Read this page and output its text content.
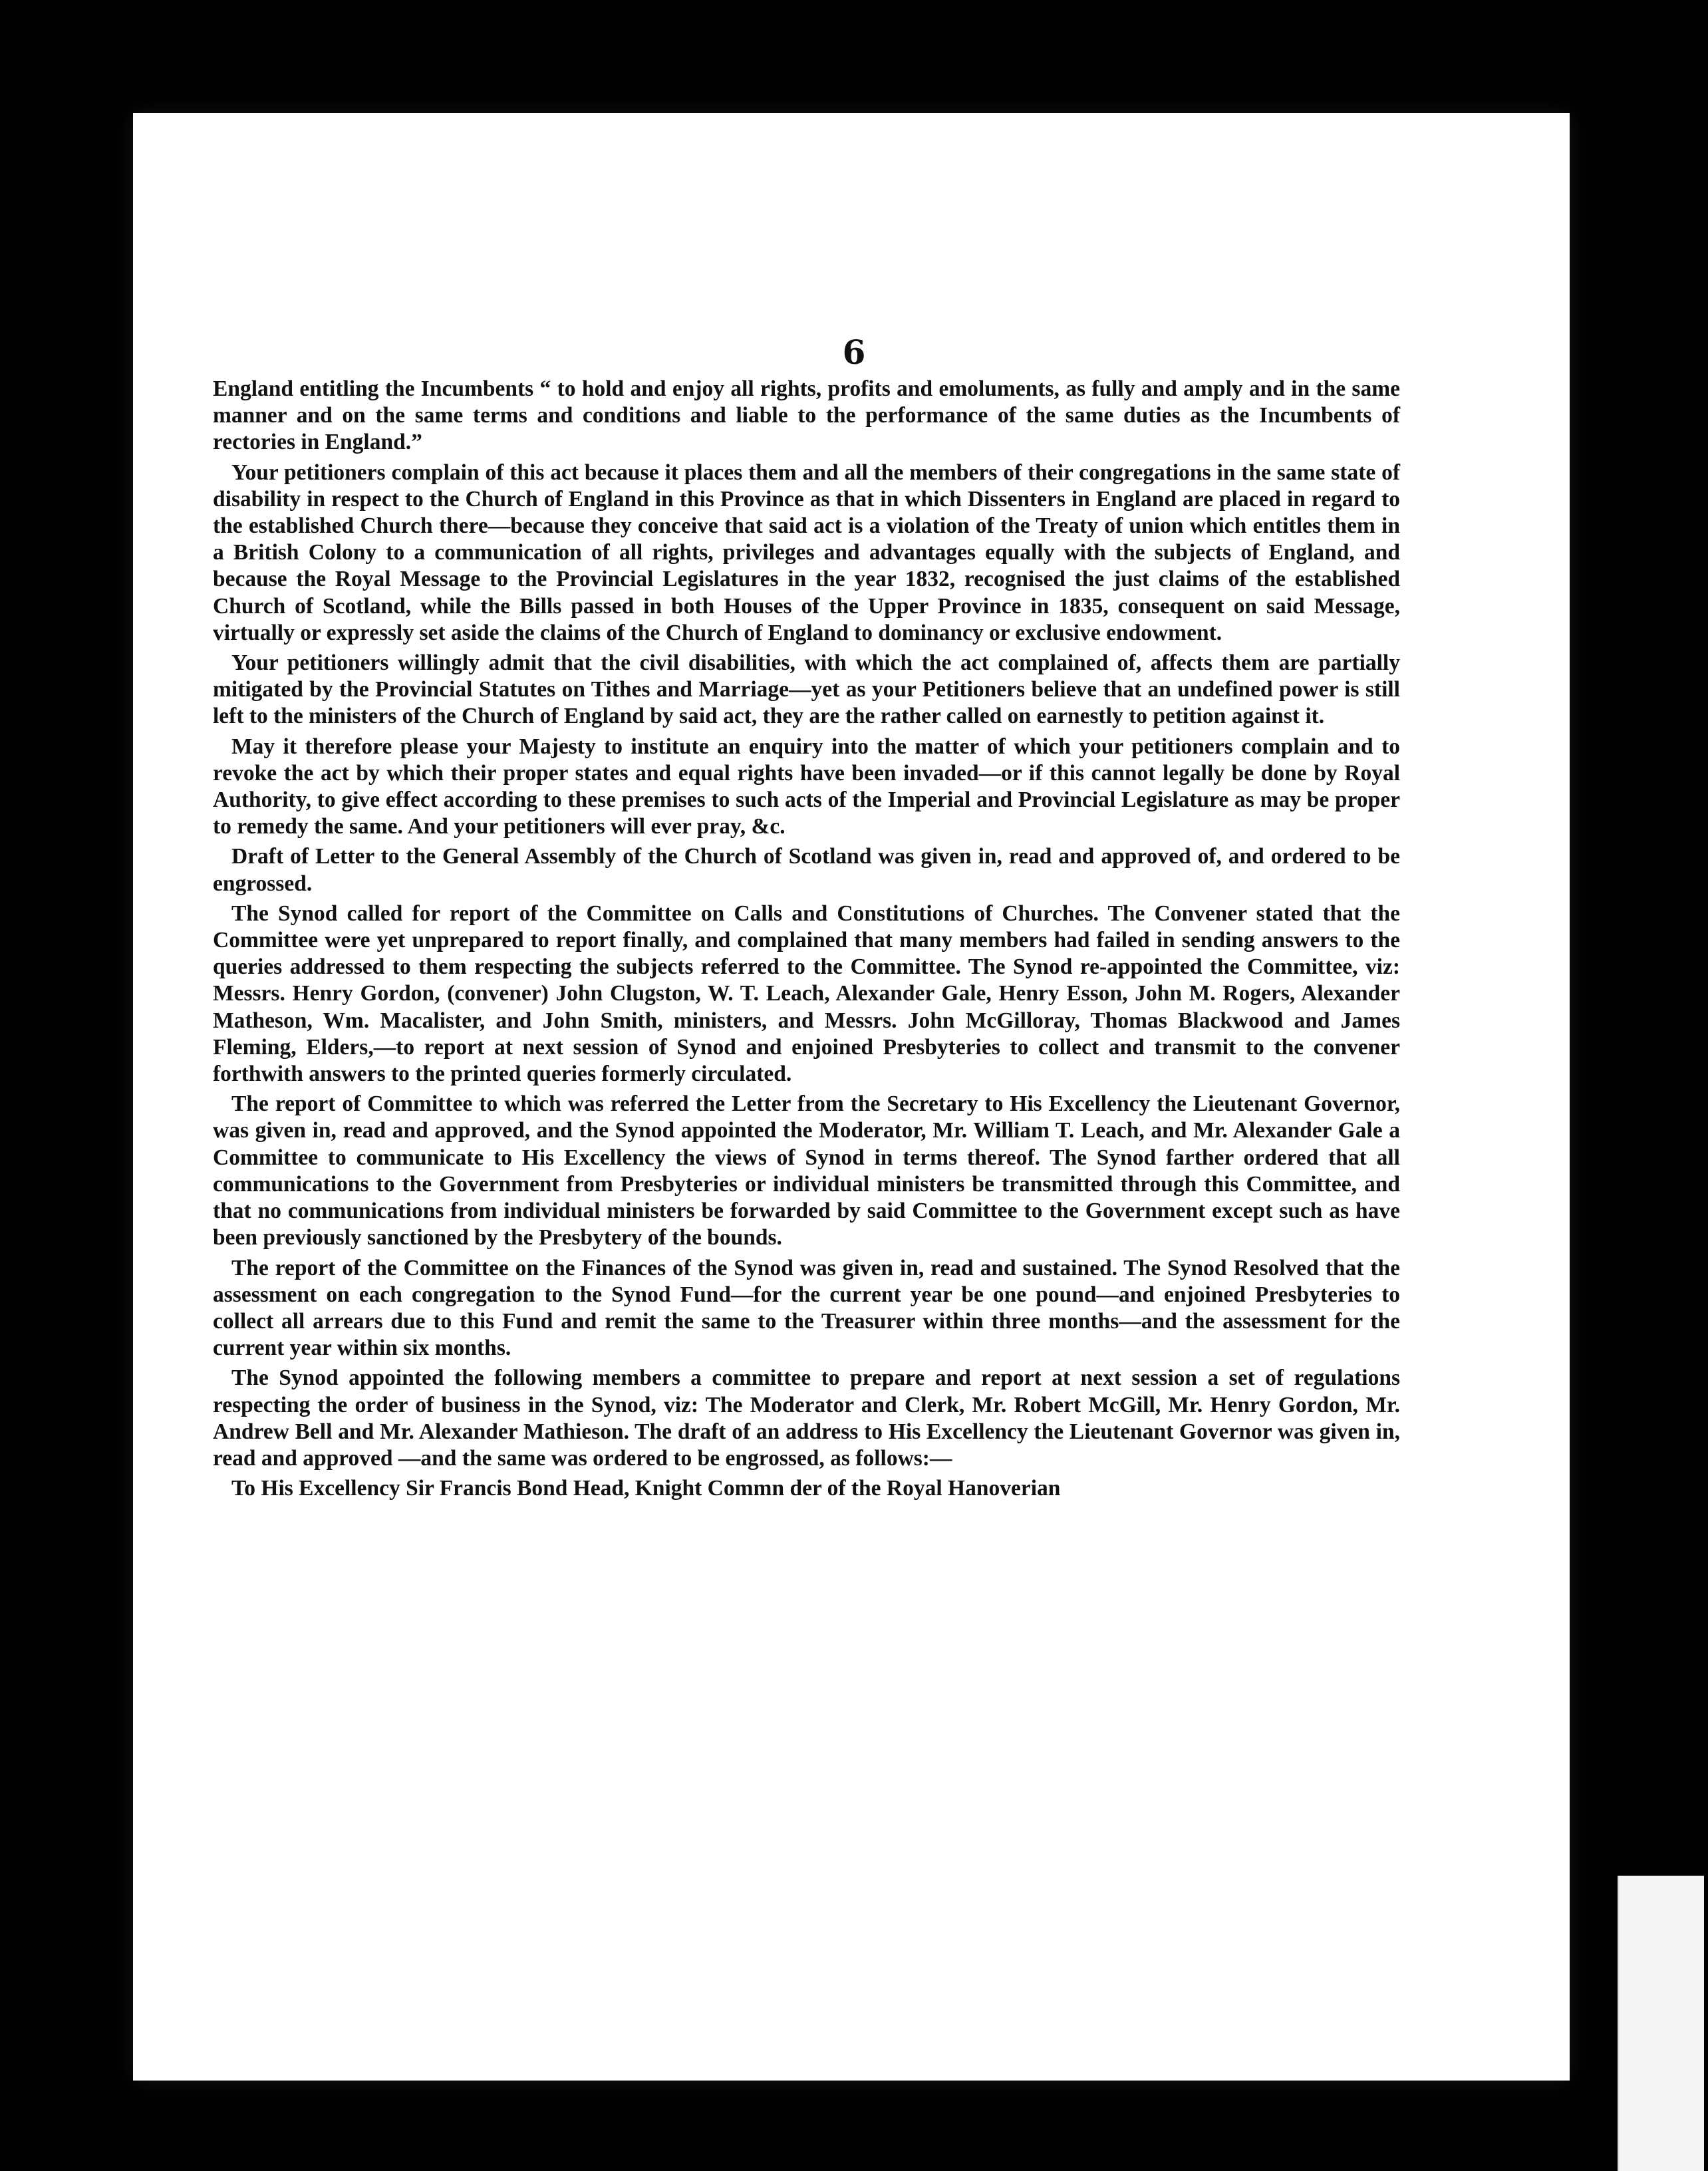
6

England entitling the Incumbents “ to hold and enjoy all rights, profits and emoluments, as fully and amply and in the same manner and on the same terms and conditions and liable to the performance of the same duties as the Incumbents of rectories in England.”

Your petitioners complain of this act because it places them and all the members of their congregations in the same state of disability in respect to the Church of England in this Province as that in which Dissenters in England are placed in regard to the established Church there—because they conceive that said act is a violation of the Treaty of union which entitles them in a British Colony to a communication of all rights, privileges and advantages equally with the subjects of England, and because the Royal Message to the Provincial Legislatures in the year 1832, recognised the just claims of the established Church of Scotland, while the Bills passed in both Houses of the Upper Province in 1835, consequent on said Message, virtually or expressly set aside the claims of the Church of England to dominancy or exclusive endowment.

Your petitioners willingly admit that the civil disabilities, with which the act complained of, affects them are partially mitigated by the Provincial Statutes on Tithes and Marriage—yet as your Petitioners believe that an undefined power is still left to the ministers of the Church of England by said act, they are the rather called on earnestly to petition against it.

May it therefore please your Majesty to institute an enquiry into the matter of which your petitioners complain and to revoke the act by which their proper states and equal rights have been invaded—or if this cannot legally be done by Royal Authority, to give effect according to these premises to such acts of the Imperial and Provincial Legislature as may be proper to remedy the same. And your petitioners will ever pray, &c.

Draft of Letter to the General Assembly of the Church of Scotland was given in, read and approved of, and ordered to be engrossed.

The Synod called for report of the Committee on Calls and Constitutions of Churches. The Convener stated that the Committee were yet unprepared to report finally, and complained that many members had failed in sending answers to the queries addressed to them respecting the subjects referred to the Committee. The Synod re-appointed the Committee, viz: Messrs. Henry Gordon, (convener) John Clugston, W. T. Leach, Alexander Gale, Henry Esson, John M. Rogers, Alexander Matheson, Wm. Macalister, and John Smith, ministers, and Messrs. John McGilloray, Thomas Blackwood and James Fleming, Elders,—to report at next session of Synod and enjoined Presbyteries to collect and transmit to the convener forthwith answers to the printed queries formerly circulated.

The report of Committee to which was referred the Letter from the Secretary to His Excellency the Lieutenant Governor, was given in, read and approved, and the Synod appointed the Moderator, Mr. William T. Leach, and Mr. Alexander Gale a Committee to communicate to His Excellency the views of Synod in terms thereof. The Synod farther ordered that all communications to the Government from Presbyteries or individual ministers be transmitted through this Committee, and that no communications from individual ministers be forwarded by said Committee to the Government except such as have been previously sanctioned by the Presbytery of the bounds.

The report of the Committee on the Finances of the Synod was given in, read and sustained. The Synod Resolved that the assessment on each congregation to the Synod Fund—for the current year be one pound—and enjoined Presbyteries to collect all arrears due to this Fund and remit the same to the Treasurer within three months—and the assessment for the current year within six months.

The Synod appointed the following members a committee to prepare and report at next session a set of regulations respecting the order of business in the Synod, viz: The Moderator and Clerk, Mr. Robert McGill, Mr. Henry Gordon, Mr. Andrew Bell and Mr. Alexander Mathieson. The draft of an address to His Excellency the Lieutenant Governor was given in, read and approved —and the same was ordered to be engrossed, as follows:—

To His Excellency Sir Francis Bond Head, Knight Commn der of the Royal Hanoverian
